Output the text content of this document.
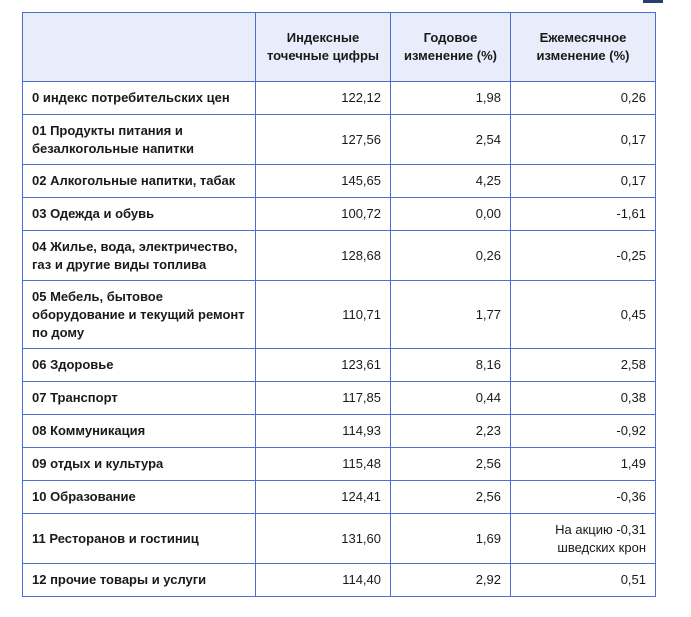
	Индексные точечные цифры	Годовое изменение (%)	Ежемесячное изменение (%)
0 индекс потребительских цен	122,12	1,98	0,26
01 Продукты питания и безалкогольные напитки	127,56	2,54	0,17
02 Алкогольные напитки, табак	145,65	4,25	0,17
03 Одежда и обувь	100,72	0,00	-1,61
04 Жилье, вода, электричество, газ и другие виды топлива	128,68	0,26	-0,25
05 Мебель, бытовое оборудование и текущий ремонт по дому	110,71	1,77	0,45
06 Здоровье	123,61	8,16	2,58
07 Транспорт	117,85	0,44	0,38
08 Коммуникация	114,93	2,23	-0,92
09 отдых и культура	115,48	2,56	1,49
10 Образование	124,41	2,56	-0,36
11 Ресторанов и гостиниц	131,60	1,69	На акцию -0,31 шведских крон
12 прочие товары и услуги	114,40	2,92	0,51
